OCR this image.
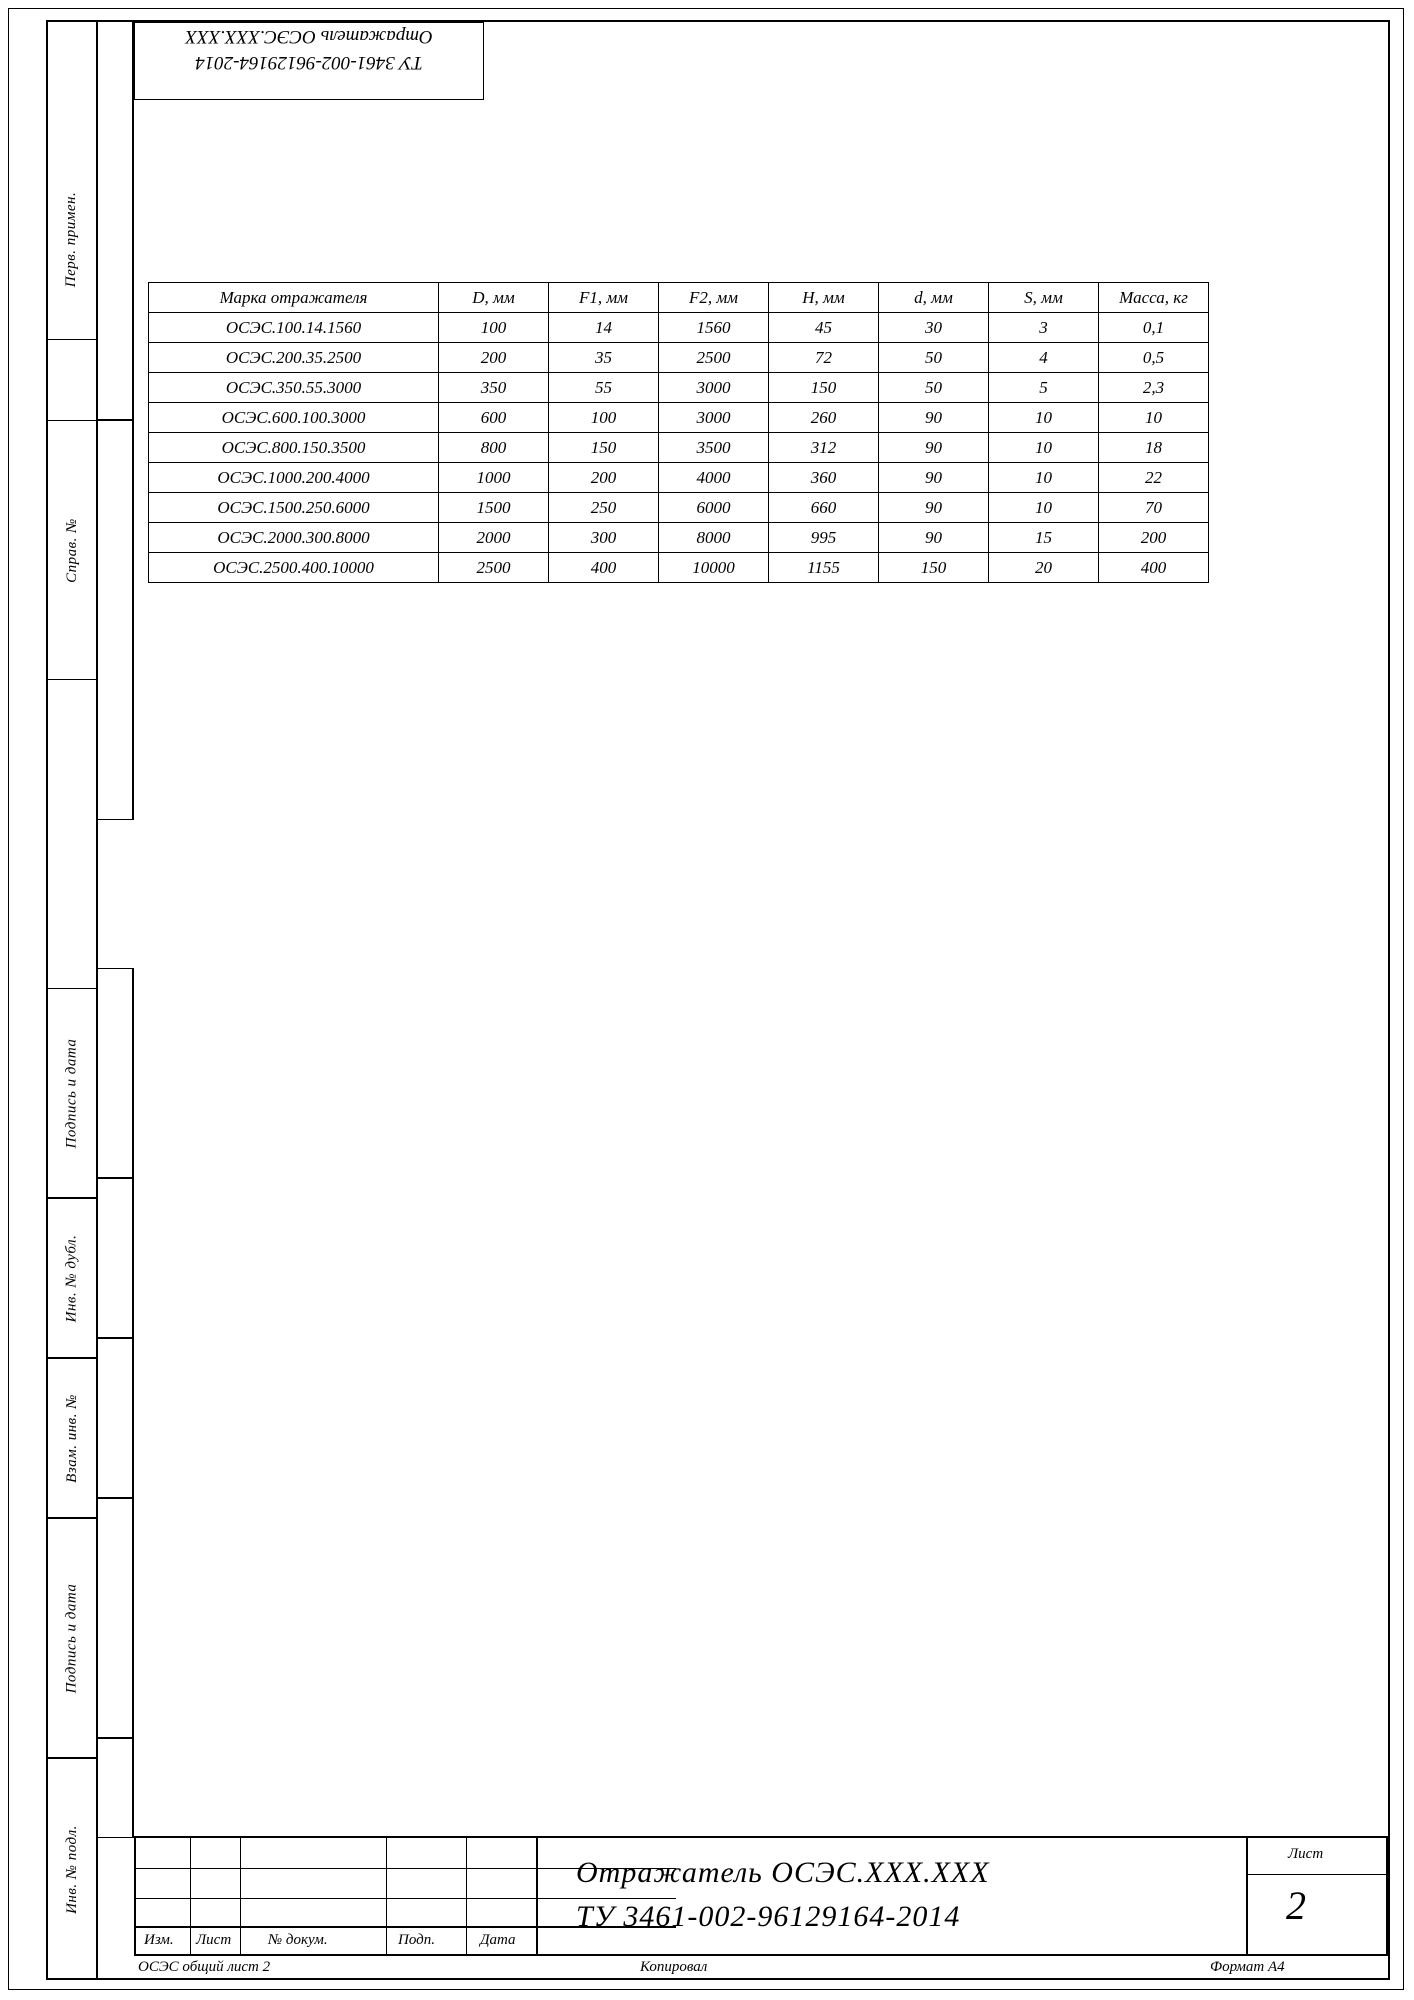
Перв. примен.
Справ. №
Подпись и дата
Инв. № дубл.
Взам. инв. №
Подпись и дата
Инв. № подл.
ТУ 3461-002-96129164-2014
Отражатель ОСЭС.XXX.XXX
Марка отражателя	D, мм	F1, мм	F2, мм	H, мм	d, мм	S, мм	Масса, кг
ОСЭС.100.14.1560	100	14	1560	45	30	3	0,1
ОСЭС.200.35.2500	200	35	2500	72	50	4	0,5
ОСЭС.350.55.3000	350	55	3000	150	50	5	2,3
ОСЭС.600.100.3000	600	100	3000	260	90	10	10
ОСЭС.800.150.3500	800	150	3500	312	90	10	18
ОСЭС.1000.200.4000	1000	200	4000	360	90	10	22
ОСЭС.1500.250.6000	1500	250	6000	660	90	10	70
ОСЭС.2000.300.8000	2000	300	8000	995	90	15	200
ОСЭС.2500.400.10000	2500	400	10000	1155	150	20	400
Изм. Лист № докум.	Подп.	Дата
Отражатель ОСЭС.XXX.XXX
ТУ 3461-002-96129164-2014
Лист
2
ОСЭС общий лист 2	Копировал	Формат А4
